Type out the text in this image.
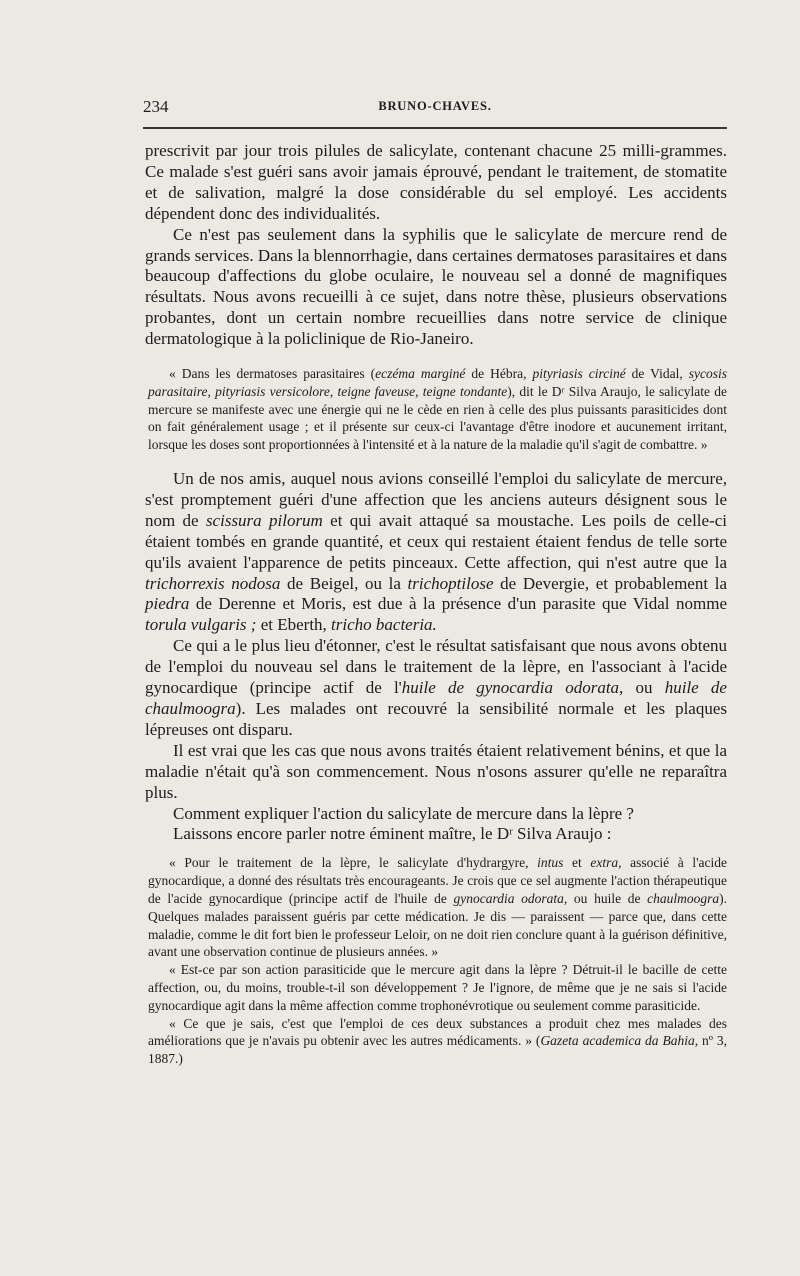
234	BRUNO-CHAVES.

prescrivit par jour trois pilules de salicylate, contenant chacune 25 milli-grammes. Ce malade s'est guéri sans avoir jamais éprouvé, pendant le traitement, de stomatite et de salivation, malgré la dose considérable du sel employé. Les accidents dépendent donc des individualités.

Ce n'est pas seulement dans la syphilis que le salicylate de mercure rend de grands services. Dans la blennorrhagie, dans certaines dermatoses parasitaires et dans beaucoup d'affections du globe oculaire, le nouveau sel a donné de magnifiques résultats. Nous avons recueilli à ce sujet, dans notre thèse, plusieurs observations probantes, dont un certain nombre recueillies dans notre service de clinique dermatologique à la policlinique de Rio-Janeiro.

« Dans les dermatoses parasitaires (eczéma marginé de Hébra, pityriasis circiné de Vidal, sycosis parasitaire, pityriasis versicolore, teigne faveuse, teigne tondante), dit le Dʳ Silva Araujo, le salicylate de mercure se manifeste avec une énergie qui ne le cède en rien à celle des plus puissants parasiticides dont on fait généralement usage ; et il présente sur ceux-ci l'avantage d'être inodore et aucunement irritant, lorsque les doses sont proportionnées à l'intensité et à la nature de la maladie qu'il s'agit de combattre. »

Un de nos amis, auquel nous avions conseillé l'emploi du salicylate de mercure, s'est promptement guéri d'une affection que les anciens auteurs désignent sous le nom de scissura pilorum et qui avait attaqué sa moustache. Les poils de celle-ci étaient tombés en grande quantité, et ceux qui restaient étaient fendus de telle sorte qu'ils avaient l'apparence de petits pinceaux. Cette affection, qui n'est autre que la trichorrexis nodosa de Beigel, ou la trichoptilose de Devergie, et probablement la piedra de Derenne et Moris, est due à la présence d'un parasite que Vidal nomme torula vulgaris ; et Eberth, tricho bacteria.

Ce qui a le plus lieu d'étonner, c'est le résultat satisfaisant que nous avons obtenu de l'emploi du nouveau sel dans le traitement de la lèpre, en l'associant à l'acide gynocardique (principe actif de l'huile de gynocardia odorata, ou huile de chaulmoogra). Les malades ont recouvré la sensibilité normale et les plaques lépreuses ont disparu.

Il est vrai que les cas que nous avons traités étaient relativement bénins, et que la maladie n'était qu'à son commencement. Nous n'osons assurer qu'elle ne reparaîtra plus.

Comment expliquer l'action du salicylate de mercure dans la lèpre ?

Laissons encore parler notre éminent maître, le Dʳ Silva Araujo :

« Pour le traitement de la lèpre, le salicylate d'hydrargyre, intus et extra, associé à l'acide gynocardique, a donné des résultats très encourageants. Je crois que ce sel augmente l'action thérapeutique de l'acide gynocardique (principe actif de l'huile de gynocardia odorata, ou huile de chaulmoogra). Quelques malades paraissent guéris par cette médication. Je dis — paraissent — parce que, dans cette maladie, comme le dit fort bien le professeur Leloir, on ne doit rien conclure quant à la guérison définitive, avant une observation continue de plusieurs années. »

« Est-ce par son action parasiticide que le mercure agit dans la lèpre ? Détruit-il le bacille de cette affection, ou, du moins, trouble-t-il son développement ? Je l'ignore, de même que je ne sais si l'acide gynocardique agit dans la même affection comme trophonévrotique ou seulement comme parasiticide.

« Ce que je sais, c'est que l'emploi de ces deux substances a produit chez mes malades des améliorations que je n'avais pu obtenir avec les autres médicaments. » (Gazeta academica da Bahia, nº 3, 1887.)
